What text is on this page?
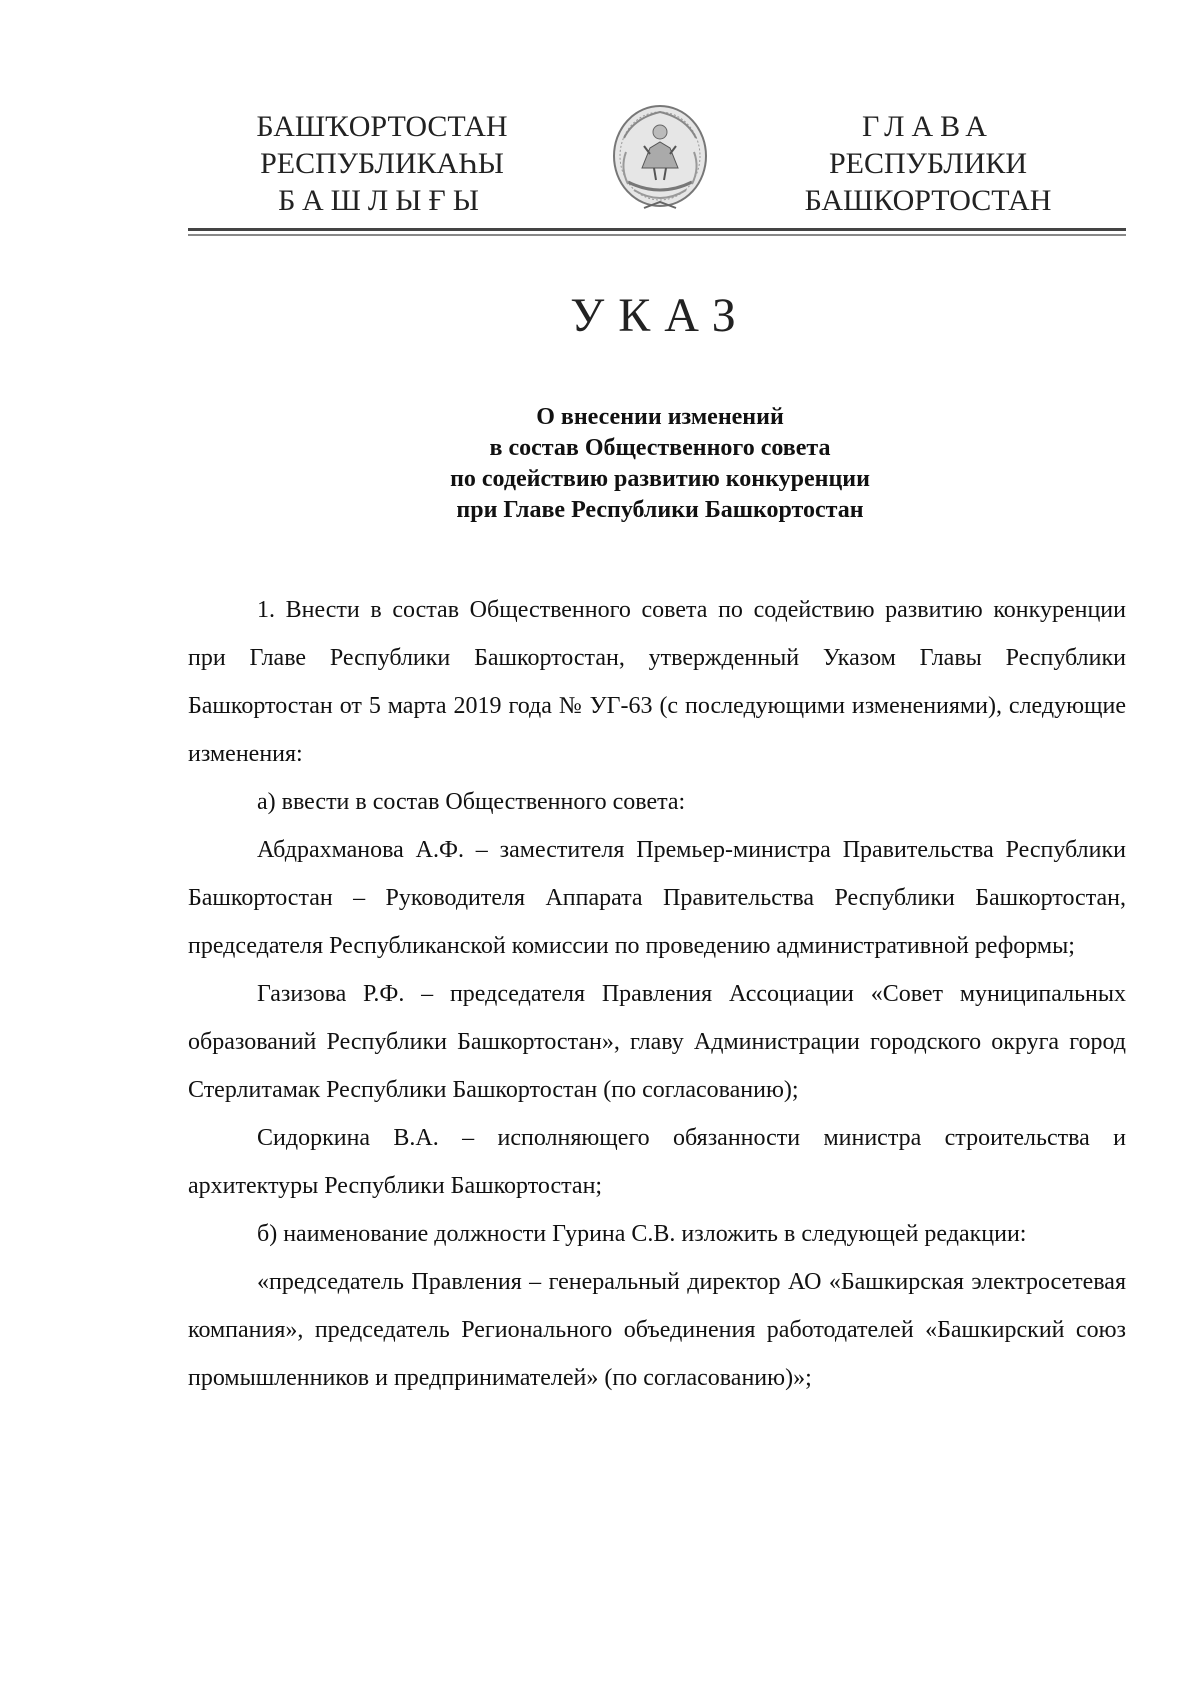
БАШҠОРТОСТАН
РЕСПУБЛИКАҺЫ
БАШЛЫҒЫ
ГЛАВА
РЕСПУБЛИКИ
БАШКОРТОСТАН
УКАЗ
О внесении изменений
в состав Общественного совета
по содействию развитию конкуренции
при Главе Республики Башкортостан

1. Внести в состав Общественного совета по содействию развитию конкуренции при Главе Республики Башкортостан, утвержденный Указом Главы Республики Башкортостан от 5 марта 2019 года № УГ-63 (с последующими изменениями), следующие изменения:

а) ввести в состав Общественного совета:

Абдрахманова А.Ф. – заместителя Премьер-министра Правительства Республики Башкортостан – Руководителя Аппарата Правительства Республики Башкортостан, председателя Республиканской комиссии по проведению административной реформы;

Газизова Р.Ф. – председателя Правления Ассоциации «Совет муниципальных образований Республики Башкортостан», главу Администрации городского округа город Стерлитамак Республики Башкортостан (по согласованию);

Сидоркина В.А. – исполняющего обязанности министра строительства и архитектуры Республики Башкортостан;

б) наименование должности Гурина С.В. изложить в следующей редакции:

«председатель Правления – генеральный директор АО «Башкирская электросетевая компания», председатель Регионального объединения работодателей «Башкирский союз промышленников и предпринимателей» (по согласованию)»;
